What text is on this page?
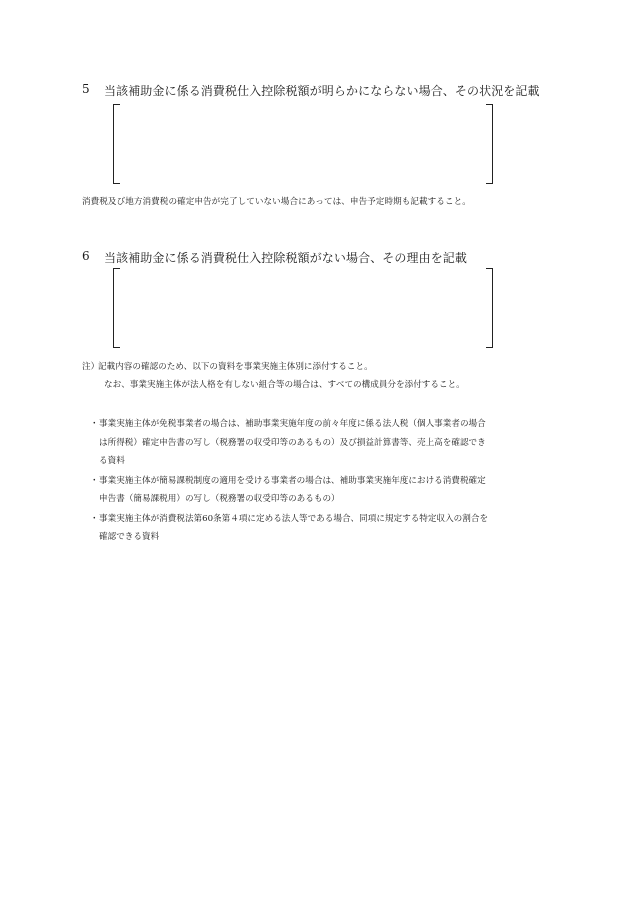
5 当該補助金に係る消費税仕入控除税額が明らかにならない場合、その状況を記載
消費税及び地方消費税の確定申告が完了していない場合にあっては、申告予定時期も記載すること。
6 当該補助金に係る消費税仕入控除税額がない場合、その理由を記載
注）
記載内容の確認のため、以下の資料を事業実施主体別に添付すること。
なお、事業実施主体が法人格を有しない組合等の場合は、すべての構成員分を添付すること。
・ 事業実施主体が免税事業者の場合は、補助事業実施年度の前々年度に係る法人税（個人事業者の場合
は所得税）確定申告書の写し（税務署の収受印等のあるもの）及び損益計算書等、売上高を確認でき
る資料
・ 事業実施主体が簡易課税制度の適用を受ける事業者の場合は、補助事業実施年度における消費税確定
申告書（簡易課税用）の写し（税務署の収受印等のあるもの）
・ 事業実施主体が消費税法第60条第４項に定める法人等である場合、同項に規定する特定収入の割合を
確認できる資料
